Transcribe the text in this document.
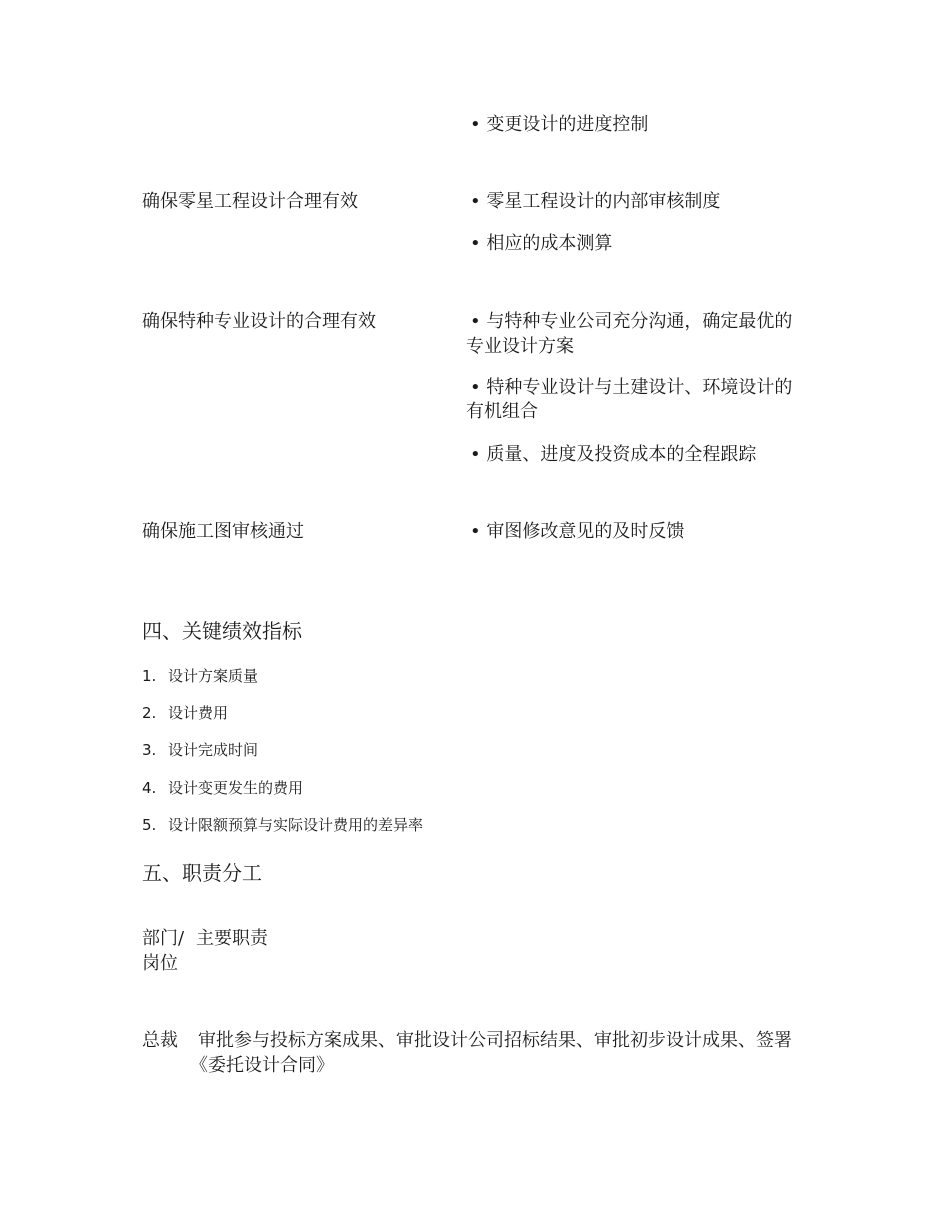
• 变更设计的进度控制
确保零星工程设计合理有效	• 零星工程设计的内部审核制度
• 相应的成本测算
确保特种专业设计的合理有效	• 与特种专业公司充分沟通，确定最优的
专业设计方案
• 特种专业设计与土建设计、环境设计的
有机组合
• 质量、进度及投资成本的全程跟踪
确保施工图审核通过	• 审图修改意见的及时反馈
四、关键绩效指标
1. 设计方案质量
2. 设计费用
3. 设计完成时间
4. 设计变更发生的费用
5. 设计限额预算与实际设计费用的差异率
五、职责分工
部门/ 主要职责
岗位
总裁 审批参与投标方案成果、审批设计公司招标结果、审批初步设计成果、签署
《委托设计合同》
